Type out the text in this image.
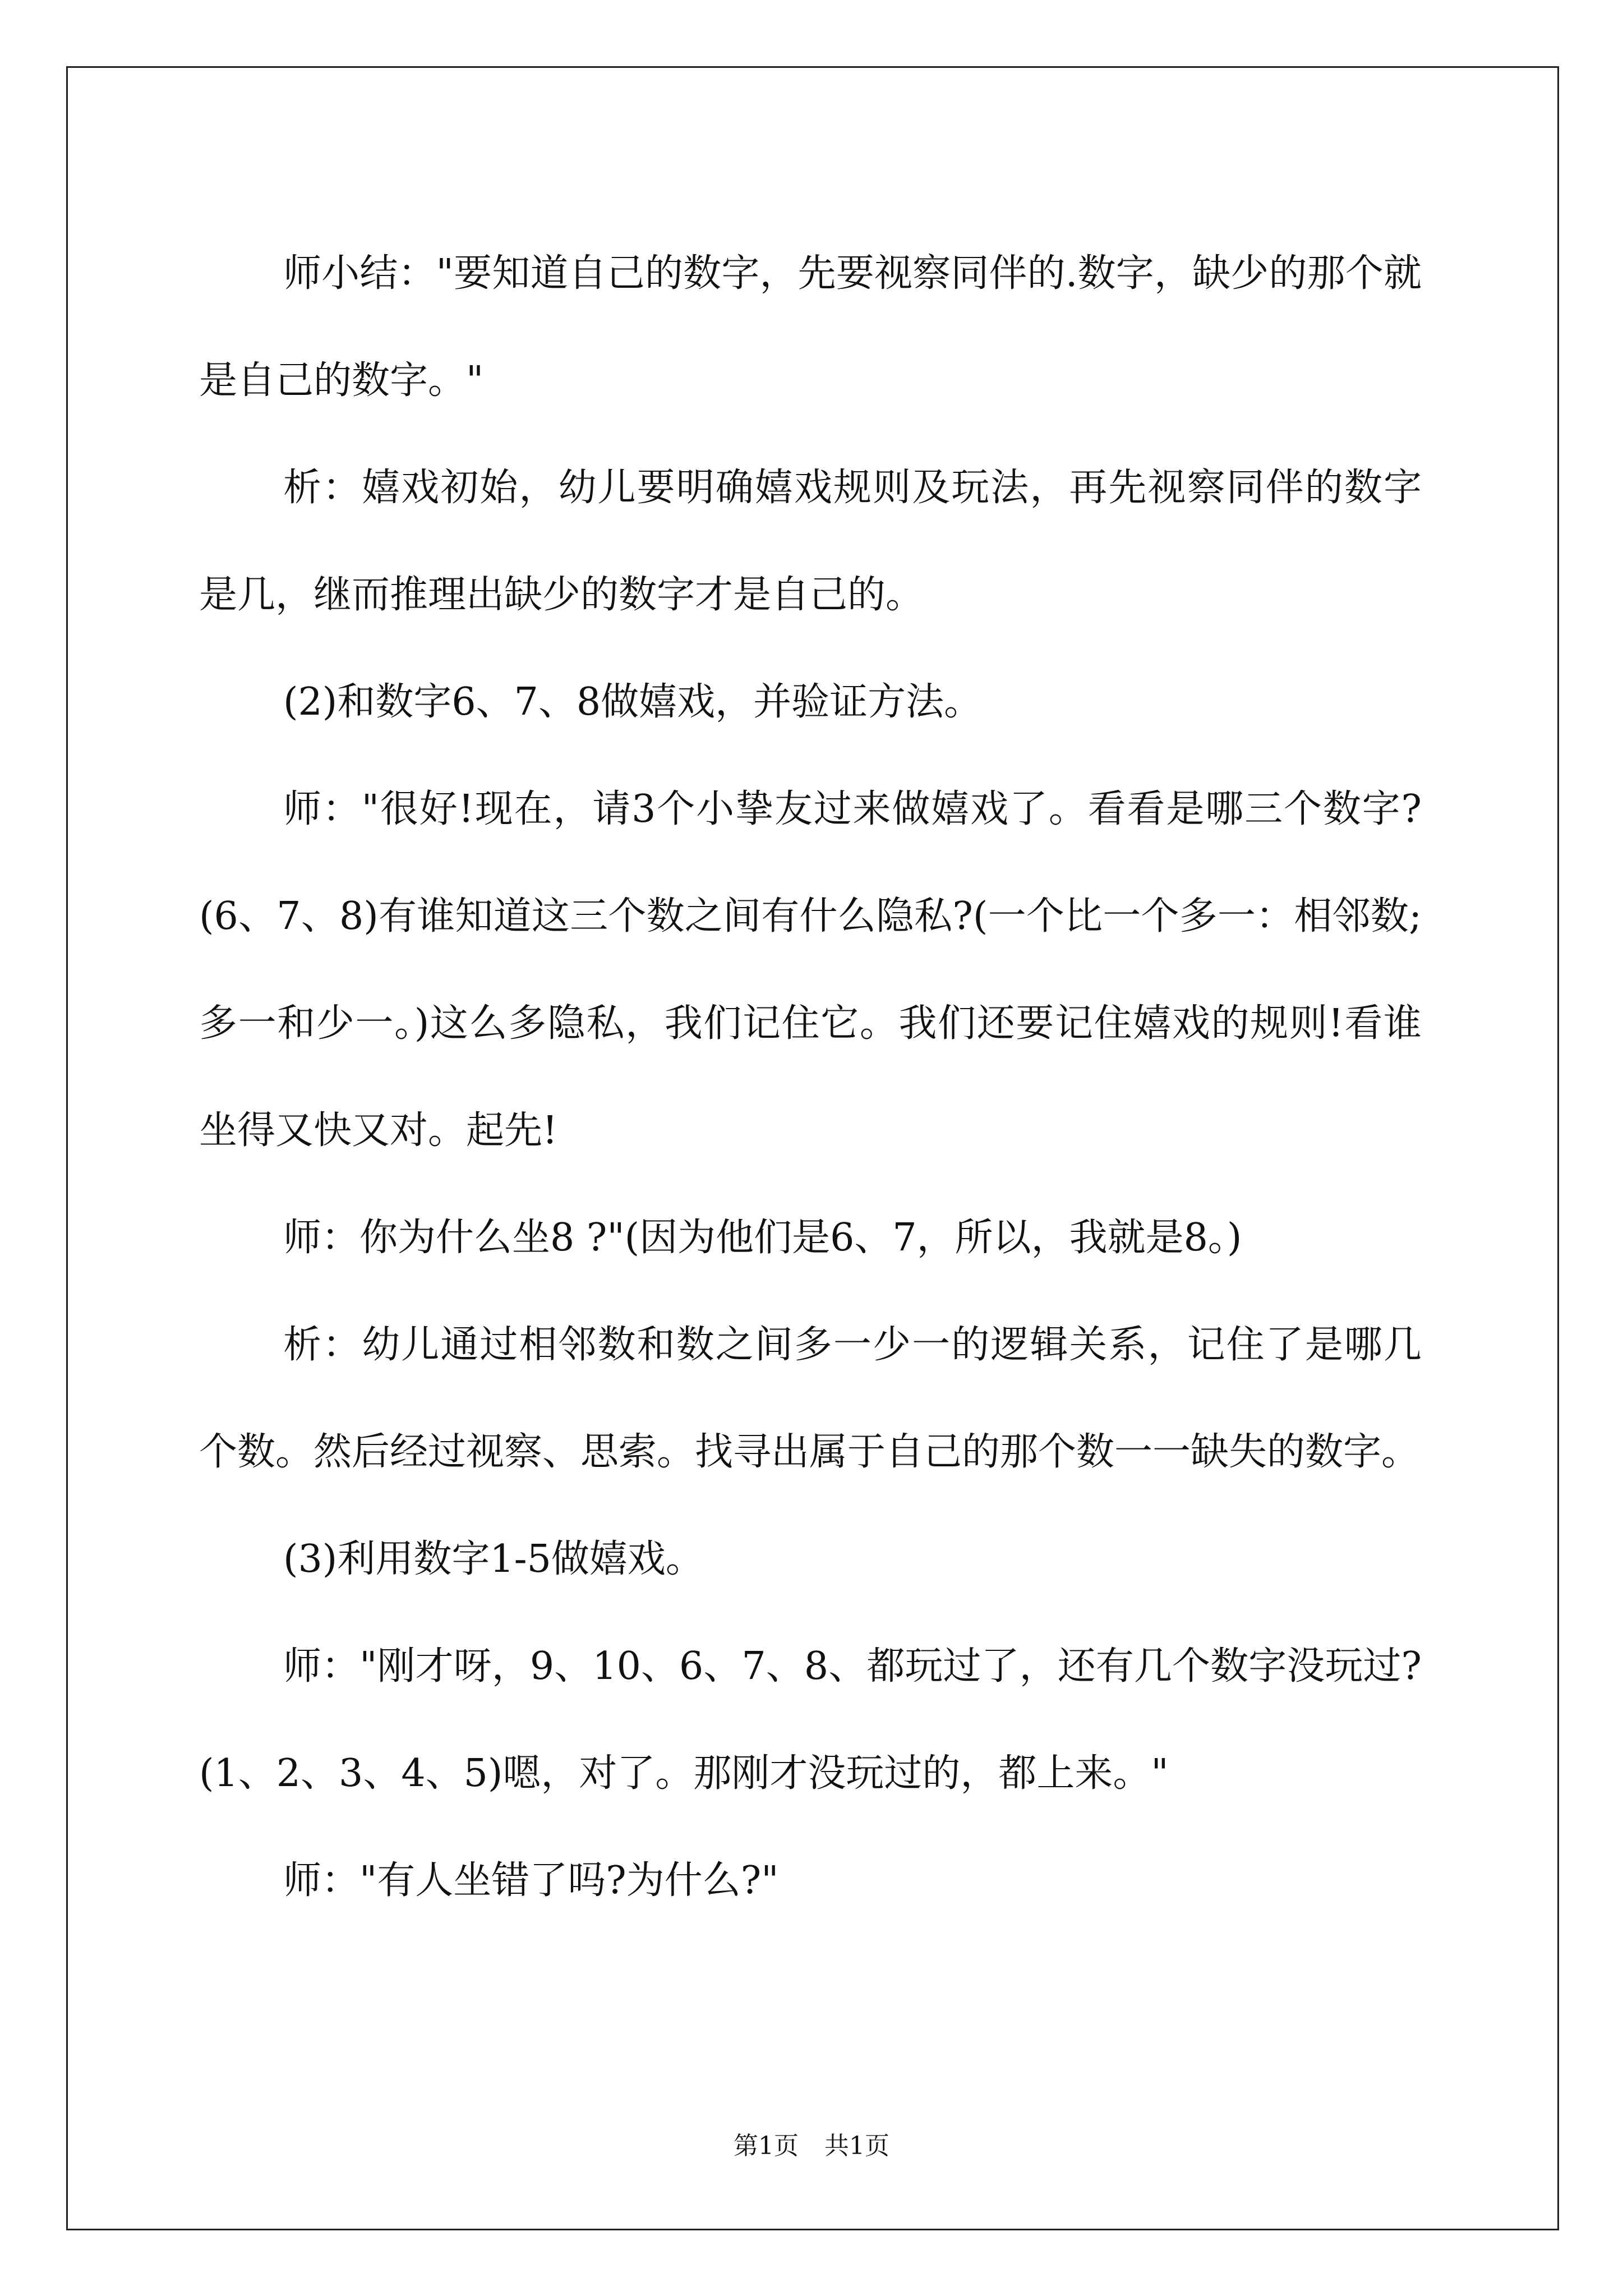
师小结："要知道自己的数字，先要视察同伴的.数字，缺少的那个就是自己的数字。"

析：嬉戏初始，幼儿要明确嬉戏规则及玩法，再先视察同伴的数字是几，继而推理出缺少的数字才是自己的。

(2)和数字6、7、8做嬉戏，并验证方法。

师："很好!现在，请3个小挚友过来做嬉戏了。看看是哪三个数字?(6、7、8)有谁知道这三个数之间有什么隐私?(一个比一个多一：相邻数;多一和少一。)这么多隐私，我们记住它。我们还要记住嬉戏的规则!看谁坐得又快又对。起先!

师：你为什么坐8 ?"(因为他们是6、7，所以，我就是8。)

析：幼儿通过相邻数和数之间多一少一的逻辑关系，记住了是哪几个数。然后经过视察、思索。找寻出属于自己的那个数一一缺失的数字。

(3)利用数字1-5做嬉戏。

师："刚才呀，9、10、6、7、8、都玩过了，还有几个数字没玩过?(1、2、3、4、5)嗯，对了。那刚才没玩过的，都上来。"

师："有人坐错了吗?为什么?"

第1页 共1页
